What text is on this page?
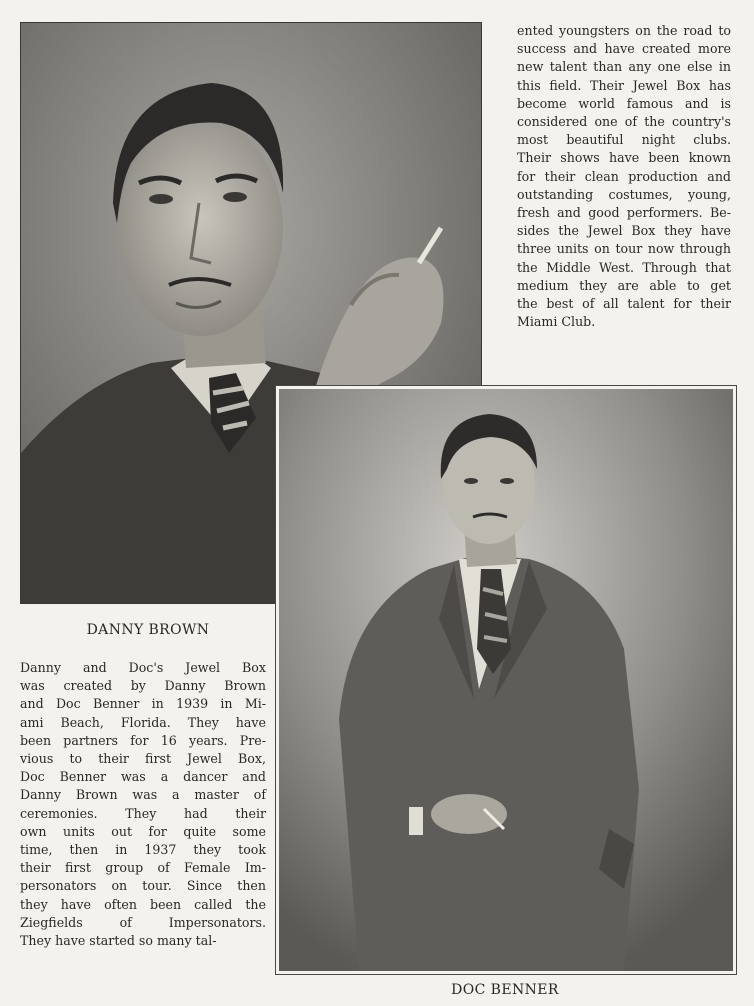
DANNY BROWN
DOC BENNER
ented youngsters on the road to
success and have created more
new talent than any one else in
this field. Their Jewel Box has
become world famous and is
considered one of the country's
most beautiful night clubs.
Their shows have been known
for their clean production and
outstanding costumes, young,
fresh and good performers. Be-
sides the Jewel Box they have
three units on tour now through
the Middle West. Through that
medium they are able to get
the best of all talent for their
Miami Club.
Danny and Doc's Jewel Box
was created by Danny Brown
and Doc Benner in 1939 in Mi-
ami Beach, Florida. They have
been partners for 16 years. Pre-
vious to their first Jewel Box,
Doc Benner was a dancer and
Danny Brown was a master of
ceremonies. They had their
own units out for quite some
time, then in 1937 they took
their first group of Female Im-
personators on tour. Since then
they have often been called the
Ziegfields of Impersonators.
They have started so many tal-
